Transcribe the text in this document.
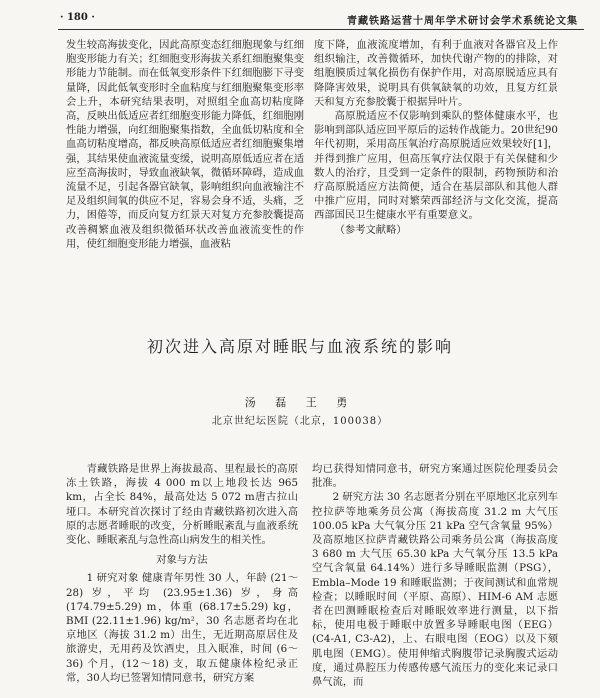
· 180 ·	青藏铁路运营十周年学术研讨会学术系统论文集

发生较高海拔变化，因此高原变态红细胞现象与红细胞变形能力有关；红细胞变形海拔关系红细胞聚集变形能力节能制。而在低氧变形条件下红细胞膨下寻变量降，因此低氧变形时全血粘度与红细胞聚集变形率会上升，本研究结果表明，对照组全血高切粘度降高，反映出低适应者红细胞变形能力降低，红细胞刚性能力增强，向红细胞聚集指数，全血低切粘度和全血高切粘度增高，都反映高原低适应者红细胞聚集增强，其结果使血液流量变缓，说明高原低适应者在适应至高海拔时，导致血液缺氧，微循环障碍，造成血流量不足，引起各器官缺氧，影响组织向血液输注不足及组织间氧的供应不足，容易会身不适，头痛，乏力，困倦等，而反向复方红景天对复方充参胶囊提高改善稠繁血液及组织微循环状改善血液流变性的作用，使红细胞变形能力增强，血液粘

度下降，血液流度增加，有利于血液对各器官及上作组织输注，改善微循环，加快代谢产物的的排除，对组胞膜质过氧化损伤有保护作用，对高原脱适应具有降降害效果，说明具有供氧缺氧的功效，且复方红景天和复方充参胶囊于根据异叶片。

高原脱适应不仅影响到乘队的整体健康水平，也影响到部队适应回平原后的运转作战能力。20世纪90年代初期，采用高压氧治疗高原脱适应效果较好[1]，并得到推广应用，但高压氧疗法仅限于有关保健和少数人的治疗，且受到一定条件的限制，药物预防和治疗高原脱适应方法简便，适合在基层部队和其他人群中推广应用，同时对繁荣西部经济与文化交流，提高西部国民卫生健康水平有重要意义。

（参考文献略）

初次进入高原对睡眠与血液系统的影响
汤 磊 王 勇
北京世纪坛医院（北京，100038）

青藏铁路是世界上海拔最高、里程最长的高原冻土铁路，海拔 4 000 m以上地段长达 965 km，占全长 84%，最高处达 5 072 m唐古拉山垭口。本研究首次探讨了经由青藏铁路初次进入高原的志愿者睡眠的改变，分析睡眠紊乱与血液系统变化、睡眠紊乱与急性高山病发生的相关性。

对象与方法

1 研究对象 健康青年男性 30 人，年龄 (21～28) 岁，平均 (23.95±1.36) 岁，身高 (174.79±5.29) m，体重 (68.17±5.29) kg，BMI (22.11±1.96) kg/m²，30 名志愿者均在北京地区（海拔 31.2 m）出生，无近期高原居住及旅游史，无用药及饮酒史，且入眠准，时间 (6～36) 个月，(12～18) 支，取五健康体检纪录正常，30人均已签署知情同意书，研究方案

均已获得知情同意书，研究方案通过医院伦理委员会批准。

2 研究方法 30 名志愿者分别在平原地区北京列车控拉萨等地乘务员公寓（海拔高度 31.2 m 大气压 100.05 kPa 大气氧分压 21 kPa 空气含氧量 95%）及高原地区拉萨青藏铁路公司乘务员公寓（海拔高度 3 680 m 大气压 65.30 kPa 大气氧分压 13.5 kPa 空气含氧量 64.14%）进行多导睡眠监测（PSG），Embla–Mode 19 和睡眠监测；于夜间测试和血常规检查；以睡眠时间（平原、高原）、HIM-6 AM 志愿者在凹测睡眠检查后对睡眠效率进行测量，以下指标，使用电极于睡眠中放置多导睡眠电图（EEG）(C4-A1, C3-A2)，上、右眼电图（EOG）以及下颏肌电图（EMG）。使用伸缩式胸腹带记录胸腹式运动度，通过鼻腔压力传感传感气流压力的变化来记录口鼻气流，而
